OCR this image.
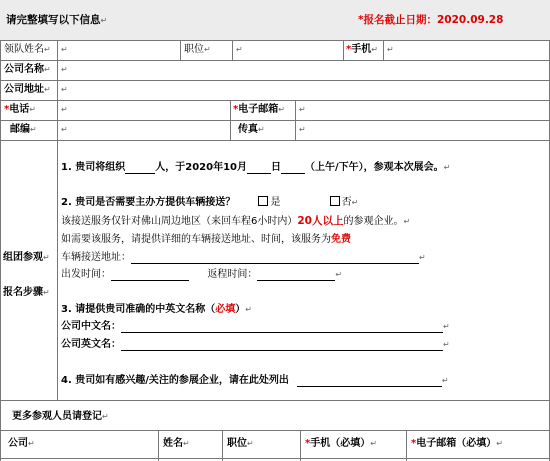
请完整填写以下信息↵	*报名截止日期：2020.09.28
领队姓名↵ ↵	职位↵	↵	*手机↵ ↵
公司名称↵ ↵
公司地址↵ ↵
*电话↵	↵	*电子邮箱↵ ↵
邮编↵	↵	传真↵	↵
组团参观↵
报名步骤↵
1. 贵司将组织	人，于2020年10月 日 （上午/下午），参观本次展会。↵
2. 贵司是否需要主办方提供车辆接送？	是	否↵
该接送服务仅针对佛山周边地区（来回车程6小时内）20人以上的参观企业。↵
如需要该服务，请提供详细的车辆接送地址、时间，该服务为免费
车辆接送地址：	↵
出发时间：	返程时间：	↵
3. 请提供贵司准确的中英文名称（必填）↵
公司中文名：	↵
公司英文名：	↵
4. 贵司如有感兴趣/关注的参展企业，请在此处列出	↵
更多参观人员请登记↵
公司↵	姓名↵	职位↵	*手机（必填）↵	*电子邮箱（必填）↵
